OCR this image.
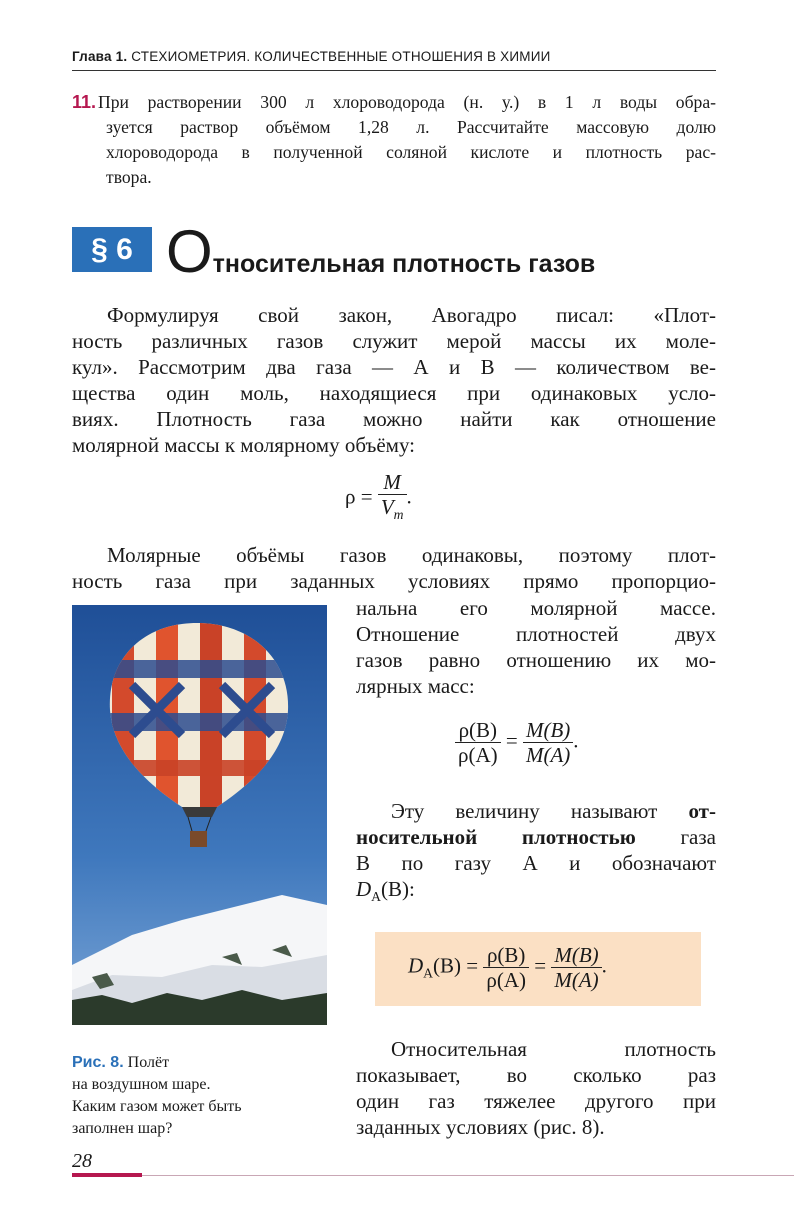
Глава 1. СТЕХИОМЕТРИЯ. КОЛИЧЕСТВЕННЫЕ ОТНОШЕНИЯ В ХИМИИ
11. При растворении 300 л хлороводорода (н. у.) в 1 л воды обра-
зуется раствор объёмом 1,28 л. Рассчитайте массовую долю
хлороводорода в полученной соляной кислоте и плотность рас-
твора.
§ 6 Относительная плотность газов
Формулируя свой закон, Авогадро писал: «Плот-
ность различных газов служит мерой массы их моле-
кул». Рассмотрим два газа — А и В — количеством ве-
щества один моль, находящиеся при одинаковых усло-
виях. Плотность газа можно найти как отношение
молярной массы к молярному объёму:
$\rho = \frac{M}{V_m}$ .
Молярные объёмы газов одинаковы, поэтому плот-
ность газа при заданных условиях прямо пропорцио-
нальна его молярной массе.
Отношение плотностей двух
газов равно отношению их мо-
лярных масс:
$\frac{\rho(B)}{\rho(A)} = \frac{M(B)}{M(A)}$ .
Эту величину называют от-
носительной плотностью газа
В по газу А и обозначают
$D_A(B)$:
$D_A(B) = \frac{\rho(B)}{\rho(A)} = \frac{M(B)}{M(A)}$ .
Рис. 8. Полёт
на воздушном шаре.
Каким газом может быть
заполнен шар?
Относительная плотность
показывает, во сколько раз
один газ тяжелее другого при
заданных условиях (рис. 8).
28
